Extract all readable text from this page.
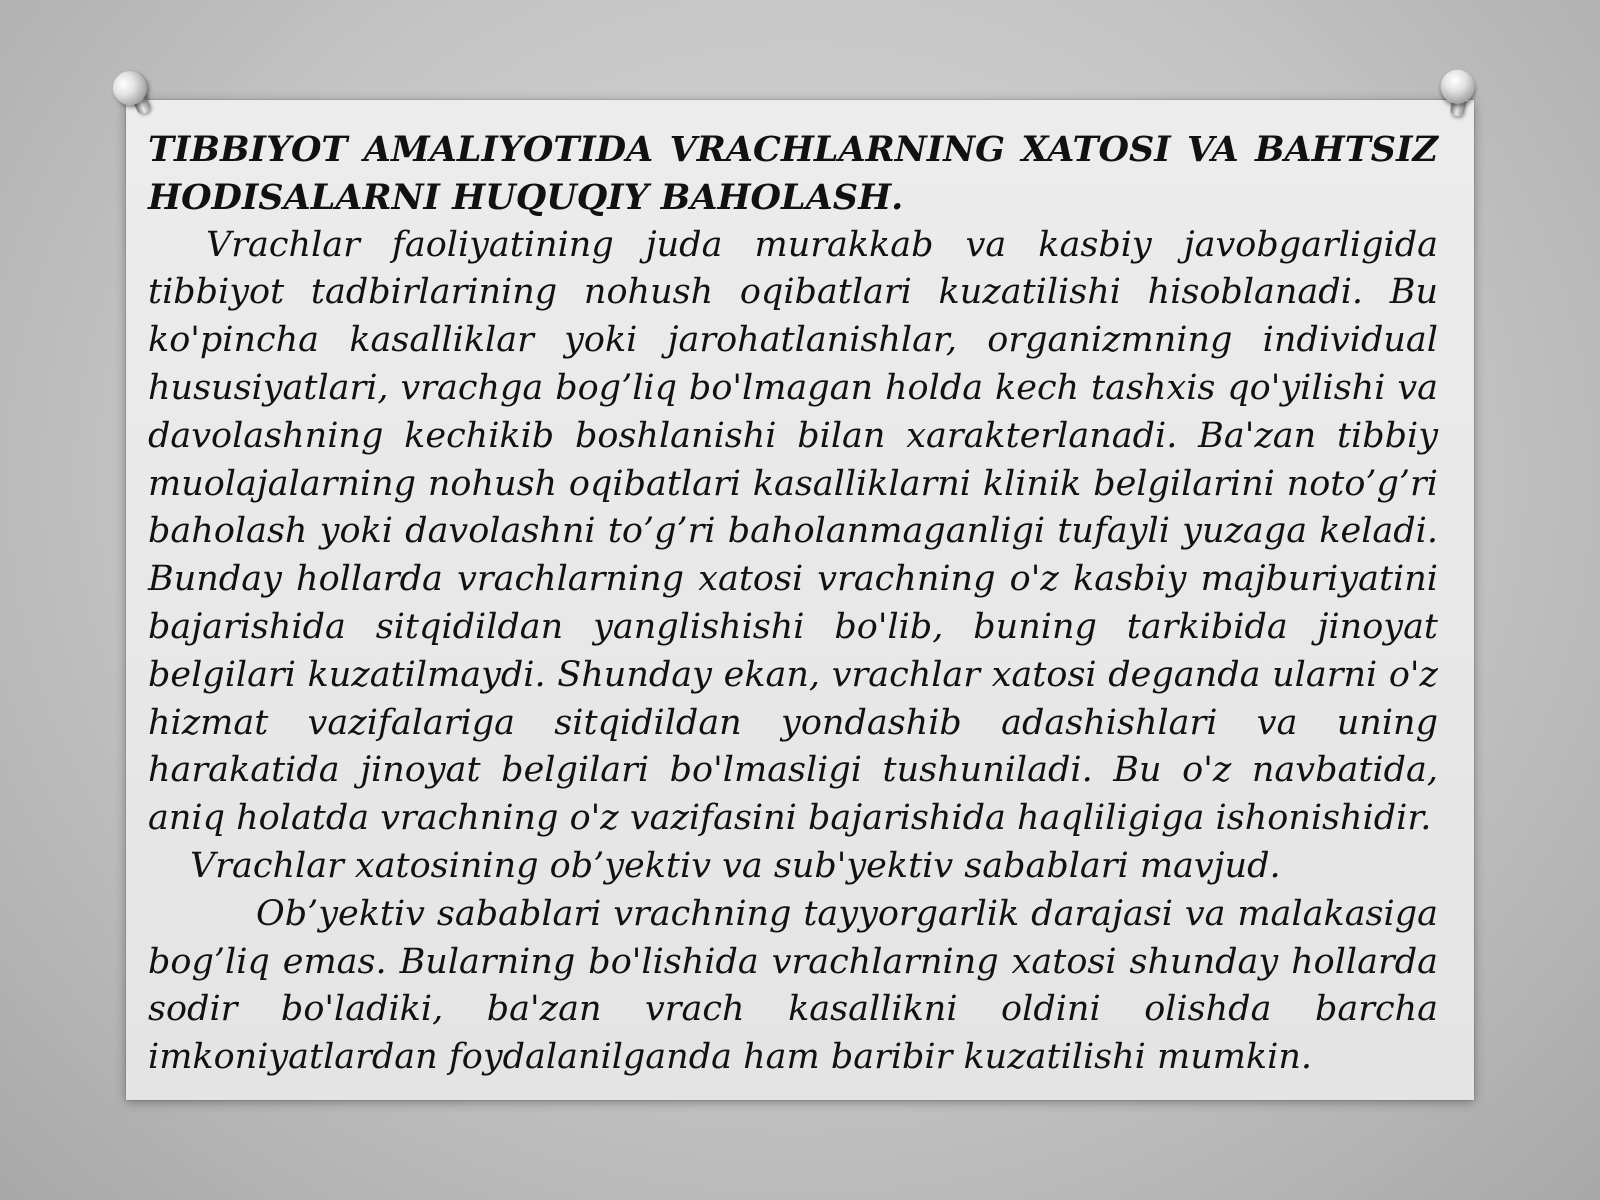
TIBBIYOT AMALIYOTIDA VRACHLARNING XATOSI VA BAHTSIZ HODISALARNI HUQUQIY BAHOLASH.

Vrachlar faoliyatining juda murakkab va kasbiy javobgarligida tibbiyot tadbirlarining nohush oqibatlari kuzatilishi hisoblanadi. Bu ko'pincha kasalliklar yoki jarohatlanishlar, organizmning individual hususiyatlari, vrachga bog’liq bo'lmagan holda kech tashxis qo'yilishi va davolashning kechikib boshlanishi bilan xarakterlanadi. Ba'zan tibbiy muolajalarning nohush oqibatlari kasalliklarni klinik belgilarini noto’g’ri baholash yoki davolashni to’g’ri baholanmaganligi tufayli yuzaga keladi. Bunday hollarda vrachlarning xatosi vrachning o'z kasbiy majburiyatini bajarishida sitqidildan yanglishishi bo'lib, buning tarkibida jinoyat belgilari kuzatilmaydi. Shunday ekan, vrachlar xatosi deganda ularni o'z hizmat vazifalariga sitqidildan yondashib adashishlari va uning harakatida jinoyat belgilari bo'lmasligi tushuniladi. Bu o'z navbatida, aniq holatda vrachning o'z vazifasini bajarishida haqliligiga ishonishidir.

Vrachlar xatosining ob’yektiv va sub'yektiv sabablari mavjud.

Ob’yektiv sabablari vrachning tayyorgarlik darajasi va malakasiga bog’liq emas. Bularning bo'lishida vrachlarning xatosi shunday hollarda sodir bo'ladiki, ba'zan vrach kasallikni oldini olishda barcha imkoniyatlardan foydalanilganda ham baribir kuzatilishi mumkin.
